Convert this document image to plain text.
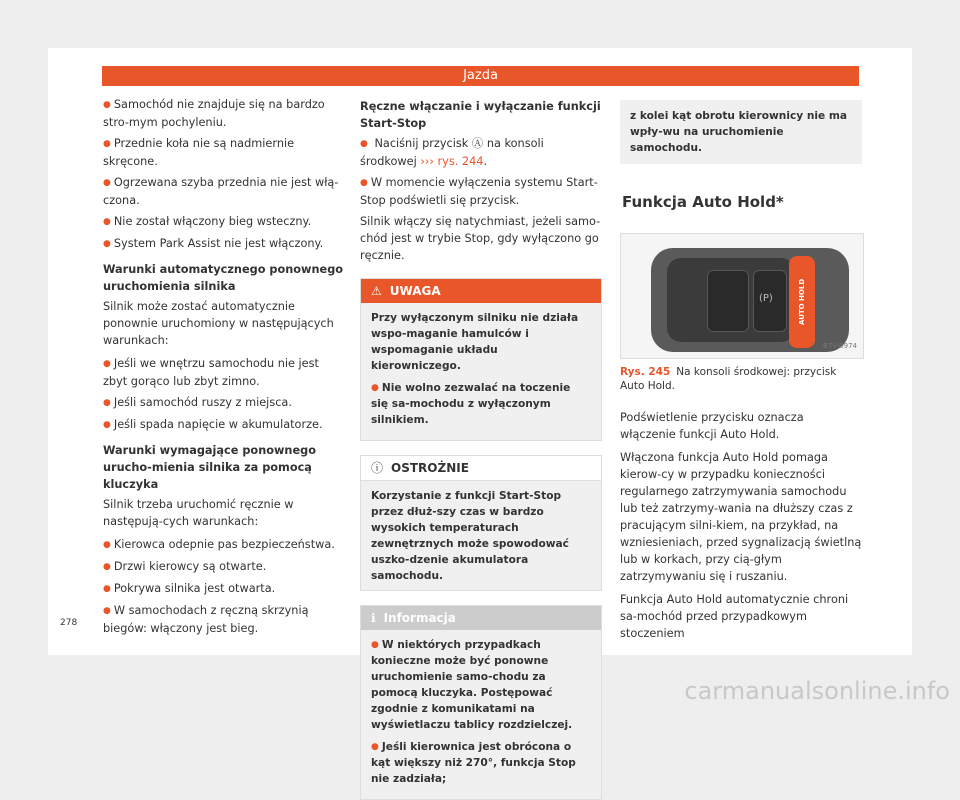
Jazda
● Samochód nie znajduje się na bardzo stro-mym pochyleniu.
● Przednie koła nie są nadmiernie skręcone.
● Ogrzewana szyba przednia nie jest włą-czona.
● Nie został włączony bieg wsteczny.
● System Park Assist nie jest włączony.
Warunki automatycznego ponownego uruchomienia silnika

Silnik może zostać automatycznie ponownie uruchomiony w następujących warunkach:

● Jeśli we wnętrzu samochodu nie jest zbyt gorąco lub zbyt zimno.
● Jeśli samochód ruszy z miejsca.
● Jeśli spada napięcie w akumulatorze.
Warunki wymagające ponownego urucho-mienia silnika za pomocą kluczyka

Silnik trzeba uruchomić ręcznie w następują-cych warunkach:

● Kierowca odepnie pas bezpieczeństwa.
● Drzwi kierowcy są otwarte.
● Pokrywa silnika jest otwarta.
● W samochodach z ręczną skrzynią biegów: włączony jest bieg.
Ręczne włączanie i wyłączanie funkcji Start-Stop
● Naciśnij przycisk Ⓐ na konsoli środkowej ››› rys. 244.
● W momencie wyłączenia systemu Start-Stop podświetli się przycisk.

Silnik włączy się natychmiast, jeżeli samo-chód jest w trybie Stop, gdy wyłączono go ręcznie.

⚠ UWAGA
Przy wyłączonym silniku nie działa wspo-maganie hamulców i wspomaganie układu kierowniczego.
● Nie wolno zezwalać na toczenie się sa-mochodu z wyłączonym silnikiem.
ⓘ OSTROŻNIE
Korzystanie z funkcji Start-Stop przez dłuż-szy czas w bardzo wysokich temperaturach zewnętrznych może spowodować uszko-dzenie akumulatora samochodu.
ℹ Informacja
● W niektórych przypadkach konieczne może być ponowne uruchomienie samo-chodu za pomocą kluczyka. Postępować zgodnie z komunikatami na wyświetlaczu tablicy rozdzielczej.
● Jeśli kierownica jest obrócona o kąt większy niż 270°, funkcja Stop nie zadziała;
z kolei kąt obrotu kierownicy nie ma wpły-wu na uruchomienie samochodu.
Funkcja Auto Hold*
(P)	AUTO HOLD
B7V-0974
Rys. 245 Na konsoli środkowej: przycisk Auto Hold.

Podświetlenie przycisku oznacza włączenie funkcji Auto Hold.

Włączona funkcja Auto Hold pomaga kierow-cy w przypadku konieczności regularnego zatrzymywania samochodu lub też zatrzymy-wania na dłuższy czas z pracującym silni-kiem, na przykład, na wzniesieniach, przed sygnalizacją świetlną lub w korkach, przy cią-głym zatrzymywaniu się i ruszaniu.

Funkcja Auto Hold automatycznie chroni sa-mochód przed przypadkowym stoczeniem

278
carmanualsonline.info
